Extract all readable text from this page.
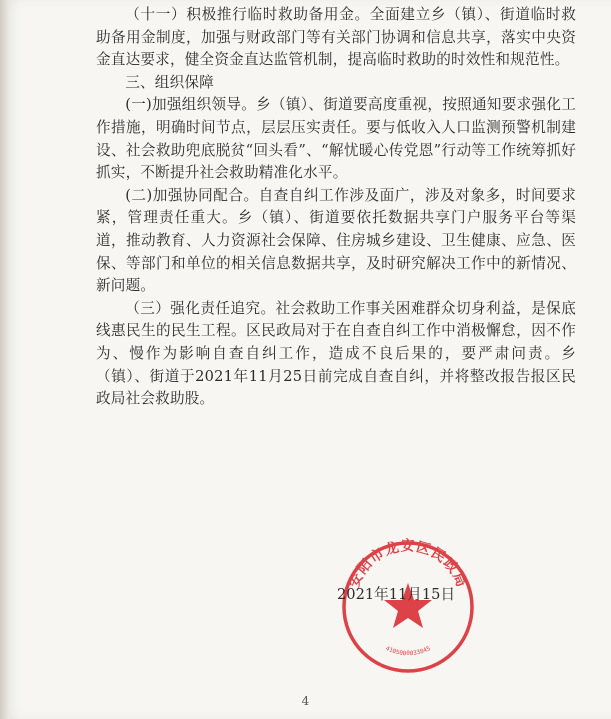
（十一）积极推行临时救助备用金。全面建立乡（镇）、街道临时救助备用金制度，加强与财政部门等有关部门协调和信息共享，落实中央资金直达要求，健全资金直达监管机制，提高临时救助的时效性和规范性。

三、组织保障

(一)加强组织领导。乡（镇）、街道要高度重视，按照通知要求强化工作措施，明确时间节点，层层压实责任。要与低收入人口监测预警机制建设、社会救助兜底脱贫“回头看”、“解忧暖心传党恩”行动等工作统筹抓好抓实，不断提升社会救助精准化水平。

(二)加强协同配合。自查自纠工作涉及面广，涉及对象多，时间要求紧，管理责任重大。乡（镇）、街道要依托数据共享门户服务平台等渠道，推动教育、人力资源社会保障、住房城乡建设、卫生健康、应急、医保、等部门和单位的相关信息数据共享，及时研究解决工作中的新情况、新问题。

（三）强化责任追究。社会救助工作事关困难群众切身利益，是保底线惠民生的民生工程。区民政局对于在自查自纠工作中消极懈怠，因不作为、慢作为影响自查自纠工作，造成不良后果的，要严肃问责。乡（镇）、街道于2021年11月25日前完成自查自纠，并将整改报告报区民政局社会救助股。

安阳市龙安区民政局
4105000033845
2021年11月15日
4
